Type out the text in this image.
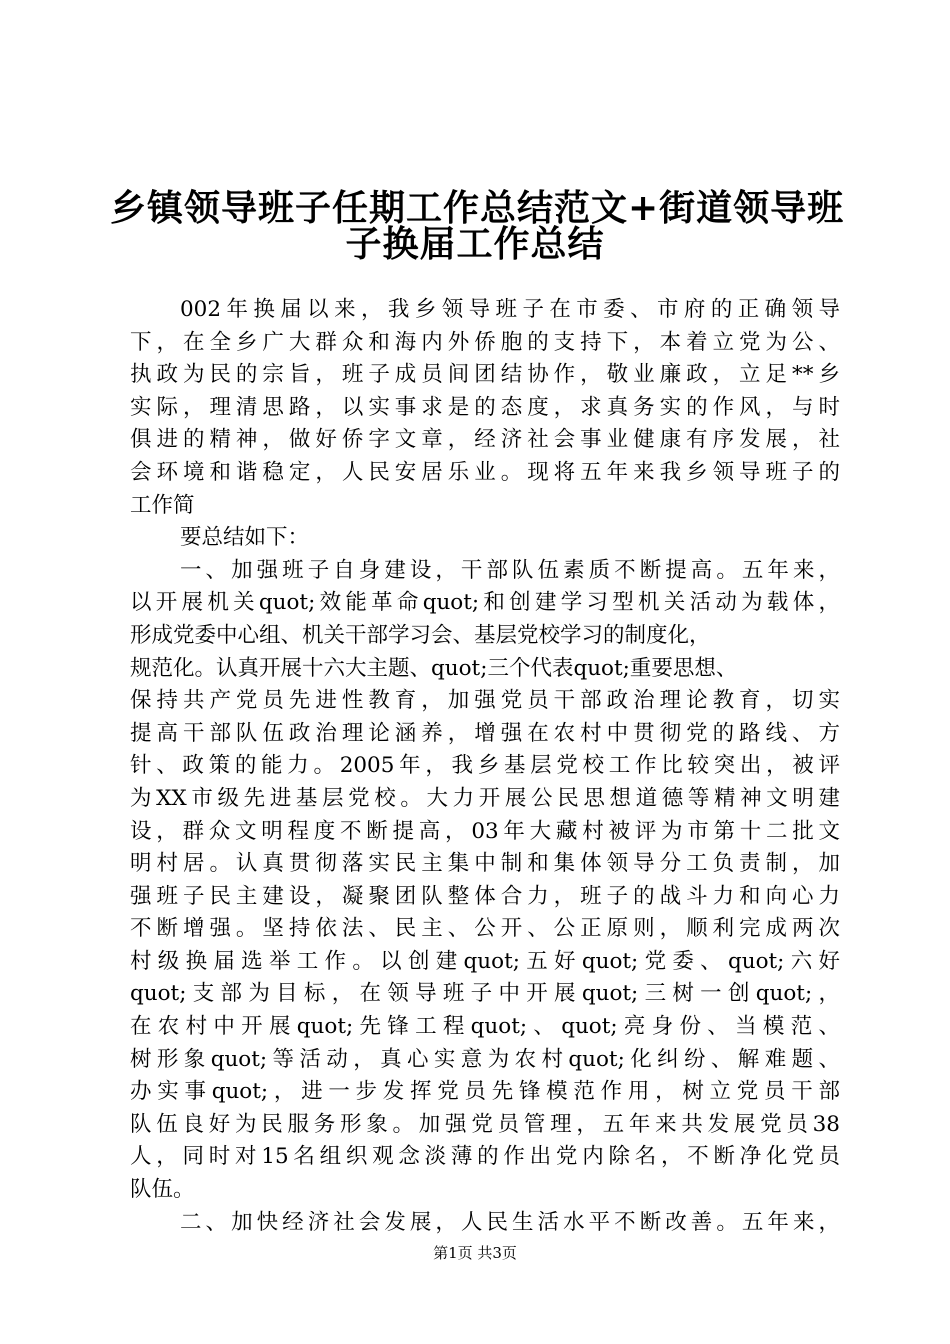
乡镇领导班子任期工作总结范文+街道领导班
子换届工作总结
002年换届以来，我乡领导班子在市委、市府的正确领导
下，在全乡广大群众和海内外侨胞的支持下，本着立党为公、
执政为民的宗旨，班子成员间团结协作，敬业廉政，立足**乡
实际，理清思路，以实事求是的态度，求真务实的作风，与时
俱进的精神，做好侨字文章，经济社会事业健康有序发展，社
会环境和谐稳定，人民安居乐业。现将五年来我乡领导班子的
工作简
要总结如下：
一、加强班子自身建设，干部队伍素质不断提高。五年来，
以开展机关quot;效能革命quot;和创建学习型机关活动为载体，
形成党委中心组、机关干部学习会、基层党校学习的制度化，
规范化。认真开展十六大主题、quot;三个代表quot;重要思想、
保持共产党员先进性教育，加强党员干部政治理论教育，切实
提高干部队伍政治理论涵养，增强在农村中贯彻党的路线、方
针、政策的能力。2005年，我乡基层党校工作比较突出，被评
为XX市级先进基层党校。大力开展公民思想道德等精神文明建
设，群众文明程度不断提高，03年大藏村被评为市第十二批文
明村居。认真贯彻落实民主集中制和集体领导分工负责制，加
强班子民主建设，凝聚团队整体合力，班子的战斗力和向心力
不断增强。坚持依法、民主、公开、公正原则，顺利完成两次
村级换届选举工作。以创建quot;五好quot;党委、quot;六好
quot;支部为目标，在领导班子中开展quot;三树一创quot;，
在农村中开展quot;先锋工程quot;、quot;亮身份、当模范、
树形象quot;等活动，真心实意为农村quot;化纠纷、解难题、
办实事quot;，进一步发挥党员先锋模范作用，树立党员干部
队伍良好为民服务形象。加强党员管理，五年来共发展党员38
人，同时对15名组织观念淡薄的作出党内除名，不断净化党员
队伍。
二、加快经济社会发展，人民生活水平不断改善。五年来，
第1页 共3页
